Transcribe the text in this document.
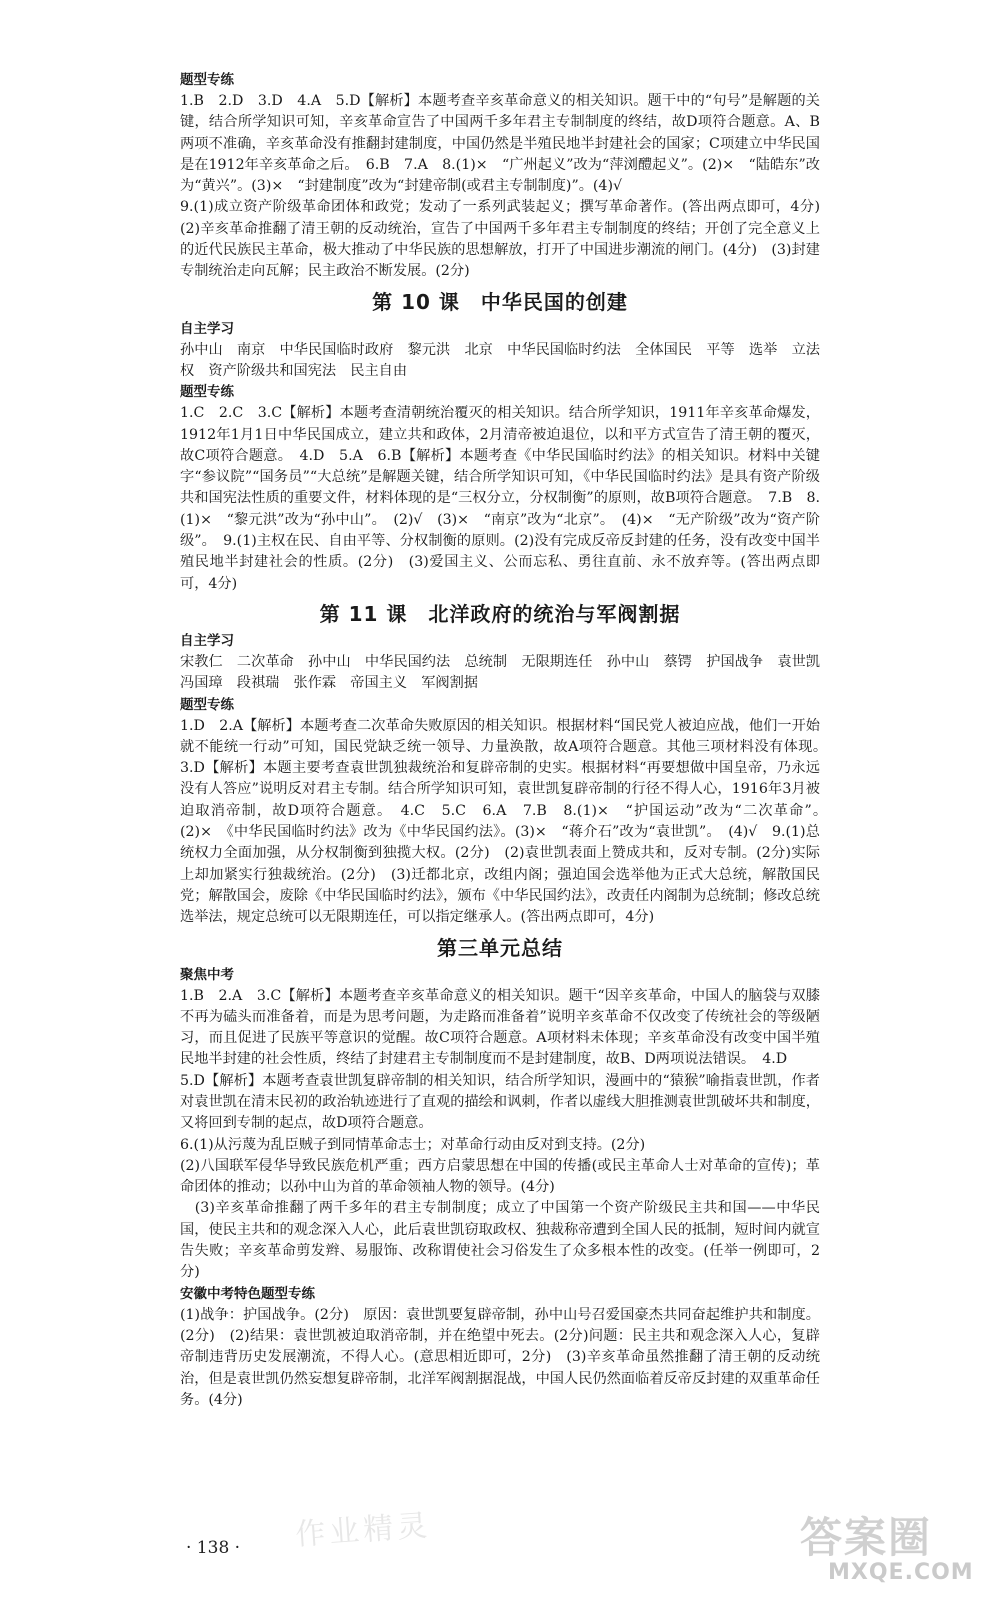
题型专练

1.B　2.D　3.D　4.A　5.D【解析】本题考查辛亥革命意义的相关知识。题干中的“句号”是解题的关键，结合所学知识可知，辛亥革命宣告了中国两千多年君主专制制度的终结，故D项符合题意。A、B两项不准确，辛亥革命没有推翻封建制度，中国仍然是半殖民地半封建社会的国家；C项建立中华民国是在1912年辛亥革命之后。　6.B　7.A　8.(1)×　“广州起义”改为“萍浏醴起义”。(2)×　“陆皓东”改为“黄兴”。(3)×　“封建制度”改为“封建帝制(或君主专制制度)”。(4)√

9.(1)成立资产阶级革命团体和政党；发动了一系列武装起义；撰写革命著作。(答出两点即可，4分)　(2)辛亥革命推翻了清王朝的反动统治，宣告了中国两千多年君主专制制度的终结；开创了完全意义上的近代民族民主革命，极大推动了中华民族的思想解放，打开了中国进步潮流的闸门。(4分)　(3)封建专制统治走向瓦解；民主政治不断发展。(2分)

第 10 课　中华民国的创建

自主学习

孙中山　南京　中华民国临时政府　黎元洪　北京　中华民国临时约法　全体国民　平等　选举　立法权　资产阶级共和国宪法　民主自由

题型专练

1.C　2.C　3.C【解析】本题考查清朝统治覆灭的相关知识。结合所学知识，1911年辛亥革命爆发，1912年1月1日中华民国成立，建立共和政体，2月清帝被迫退位，以和平方式宣告了清王朝的覆灭，故C项符合题意。　4.D　5.A　6.B【解析】本题考查《中华民国临时约法》的相关知识。材料中关键字“参议院”“国务员”“大总统”是解题关键，结合所学知识可知，《中华民国临时约法》是具有资产阶级共和国宪法性质的重要文件，材料体现的是“三权分立，分权制衡”的原则，故B项符合题意。　7.B　8.(1)×　“黎元洪”改为“孙中山”。　(2)√　(3)×　“南京”改为“北京”。　(4)×　“无产阶级”改为“资产阶级”。　9.(1)主权在民、自由平等、分权制衡的原则。(2)没有完成反帝反封建的任务，没有改变中国半殖民地半封建社会的性质。(2分)　(3)爱国主义、公而忘私、勇往直前、永不放弃等。(答出两点即可，4分)

第 11 课　北洋政府的统治与军阀割据

自主学习

宋教仁　二次革命　孙中山　中华民国约法　总统制　无限期连任　孙中山　蔡锷　护国战争　袁世凯　冯国璋　段祺瑞　张作霖　帝国主义　军阀割据

题型专练

1.D　2.A【解析】本题考查二次革命失败原因的相关知识。根据材料“国民党人被迫应战，他们一开始就不能统一行动”可知，国民党缺乏统一领导、力量涣散，故A项符合题意。其他三项材料没有体现。　3.D【解析】本题主要考查袁世凯独裁统治和复辟帝制的史实。根据材料“再要想做中国皇帝，乃永远没有人答应”说明反对君主专制。结合所学知识可知，袁世凯复辟帝制的行径不得人心，1916年3月被迫取消帝制，故D项符合题意。　4.C　5.C　6.A　7.B　8.(1)×　“护国运动”改为“二次革命”。　(2)×　《中华民国临时约法》改为《中华民国约法》。(3)×　“蒋介石”改为“袁世凯”。　(4)√　9.(1)总统权力全面加强，从分权制衡到独揽大权。(2分)　(2)袁世凯表面上赞成共和，反对专制。(2分)实际上却加紧实行独裁统治。(2分)　(3)迁都北京，改组内阁；强迫国会选举他为正式大总统，解散国民党；解散国会，废除《中华民国临时约法》，颁布《中华民国约法》，改责任内阁制为总统制；修改总统选举法，规定总统可以无限期连任，可以指定继承人。(答出两点即可，4分)

第三单元总结

聚焦中考

1.B　2.A　3.C【解析】本题考查辛亥革命意义的相关知识。题干“因辛亥革命，中国人的脑袋与双膝不再为磕头而准备着，而是为思考问题，为走路而准备着”说明辛亥革命不仅改变了传统社会的等级陋习，而且促进了民族平等意识的觉醒。故C项符合题意。A项材料未体现；辛亥革命没有改变中国半殖民地半封建的社会性质，终结了封建君主专制制度而不是封建制度，故B、D两项说法错误。　4.D

5.D【解析】本题考查袁世凯复辟帝制的相关知识，结合所学知识，漫画中的“猿猴”喻指袁世凯，作者对袁世凯在清末民初的政治轨迹进行了直观的描绘和讽刺，作者以虚线大胆推测袁世凯破坏共和制度，又将回到专制的起点，故D项符合题意。

6.(1)从污蔑为乱臣贼子到同情革命志士；对革命行动由反对到支持。(2分)

(2)八国联军侵华导致民族危机严重；西方启蒙思想在中国的传播(或民主革命人士对革命的宣传)；革命团体的推动；以孙中山为首的革命领袖人物的领导。(4分)

　(3)辛亥革命推翻了两千多年的君主专制制度；成立了中国第一个资产阶级民主共和国——中华民国，使民主共和的观念深入人心，此后袁世凯窃取政权、独裁称帝遭到全国人民的抵制，短时间内就宣告失败；辛亥革命剪发辫、易服饰、改称谓使社会习俗发生了众多根本性的改变。(任举一例即可，2分)

安徽中考特色题型专练

(1)战争：护国战争。(2分)　原因：袁世凯要复辟帝制，孙中山号召爱国豪杰共同奋起维护共和制度。(2分)　(2)结果：袁世凯被迫取消帝制，并在绝望中死去。(2分)问题：民主共和观念深入人心，复辟帝制违背历史发展潮流，不得人心。(意思相近即可，2分)　(3)辛亥革命虽然推翻了清王朝的反动统治，但是袁世凯仍然妄想复辟帝制，北洋军阀割据混战，中国人民仍然面临着反帝反封建的双重革命任务。(4分)

· 138 · 作业精灵	答案圈
MXQE.COM
